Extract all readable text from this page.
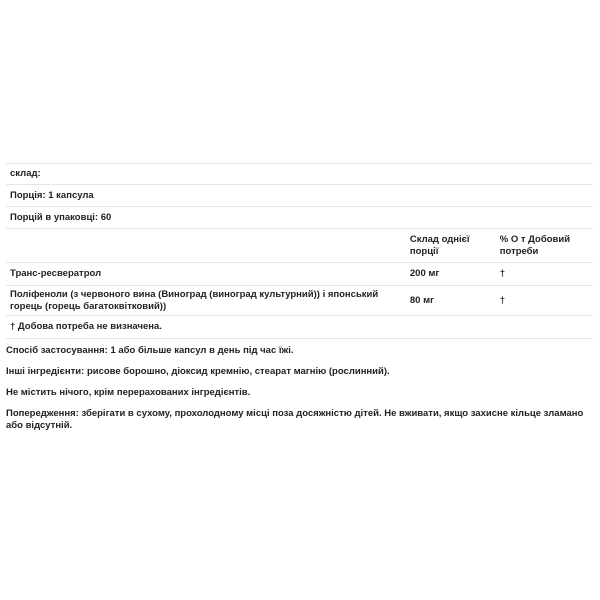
склад:		
Порція: 1 капсула		
Порцій в упаковці: 60		
	Склад однієї порції	% О т Добовий потреби
Транс-ресвератрол	200 мг	†
Поліфеноли (з червоного вина (Виноград (виноград культурний)) і японський горець (горець багатоквітковий))	80 мг	†
† Добова потреба не визначена.		

Спосіб застосування: 1 або більше капсул в день під час їжі.

Інші інгредієнти: рисове борошно, діоксид кремнію, стеарат магнію (рослинний).

Не містить нічого, крім перерахованих інгредієнтів.

Попередження: зберігати в сухому, прохолодному місці поза досяжністю дітей. Не вживати, якщо захисне кільце зламано або відсутній.
